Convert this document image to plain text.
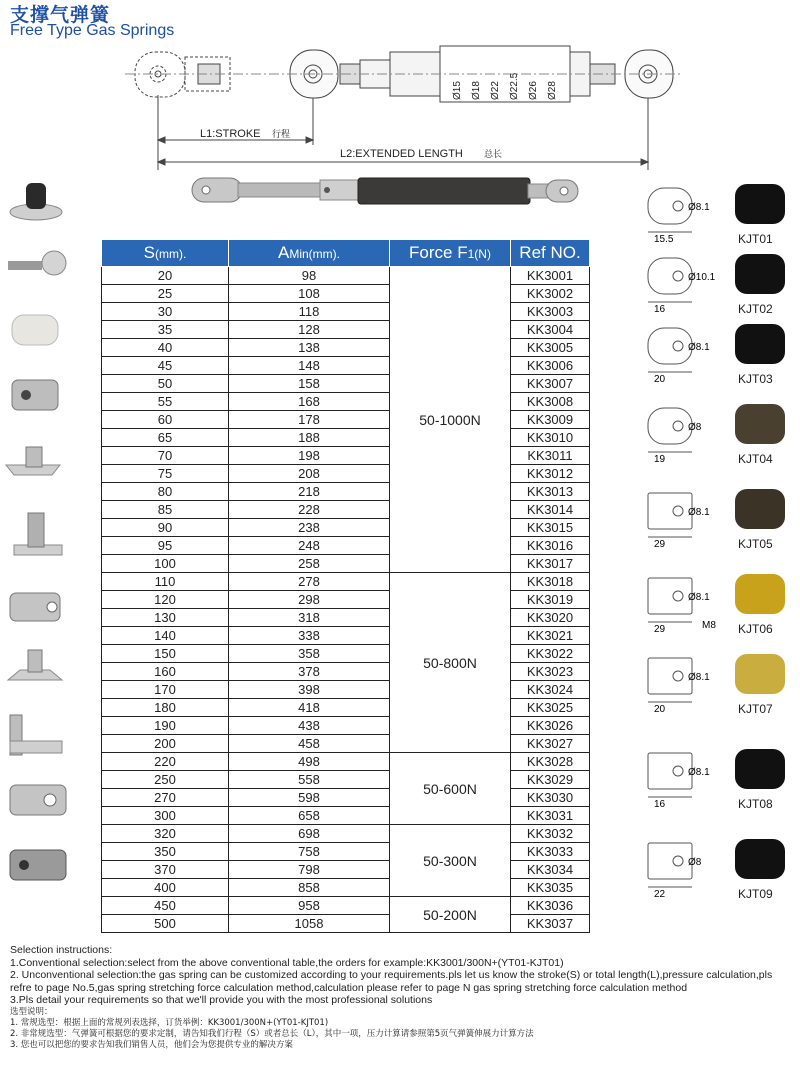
支撑气弹簧
Free Type Gas Springs
Ø15 Ø18 Ø22 Ø22.5 Ø26 Ø28
L1:STROKE 行程
L2:EXTENDED LENGTH 总长
S(mm).	AMin(mm).	Force F1(N)	Ref NO.
20	98	50-1000N	KK3001
25	108		KK3002
30	118		KK3003
35	128		KK3004
40	138		KK3005
45	148		KK3006
50	158		KK3007
55	168		KK3008
60	178		KK3009
65	188		KK3010
70	198		KK3011
75	208		KK3012
80	218		KK3013
85	228		KK3014
90	238		KK3015
95	248		KK3016
100	258		KK3017
110	278	50-800N	KK3018
120	298		KK3019
130	318		KK3020
140	338		KK3021
150	358		KK3022
160	378		KK3023
170	398		KK3024
180	418		KK3025
190	438		KK3026
200	458		KK3027
220	498	50-600N	KK3028
250	558		KK3029
270	598		KK3030
300	658		KK3031
320	698	50-300N	KK3032
350	758		KK3033
370	798		KK3034
400	858		KK3035
450	958	50-200N	KK3036
500	1058		KK3037
15.5
Ø8.1
16
Ø10.1
20
Ø8.1
19
Ø8
29
Ø8.1
29
Ø8.1
M8
20
Ø8.1
16
Ø8.1
22
Ø8
KJT01
KJT02
KJT03
KJT04
KJT05
KJT06
KJT07
KJT08
KJT09
Selection instructions:
1.Conventional selection:select from the above conventional table,the orders for example:KK3001/300N+(YT01-KJT01)
2. Unconventional selection:the gas spring can be customized according to your requirements.pls let us know the stroke(S) or total length(L),pressure calculation,pls refre to page No.5,gas spring stretching force calculation method,calculation please refer to page N gas spring stretching force calculation method
3.Pls detail your requirements so that we'll provide you with the most professional solutions
选型说明：
1. 常规选型：根据上面的常规列表选择，订货举例：KK3001/300N+(YT01-KJT01)
2. 非常规选型：气弹簧可根据您的要求定制，请告知我们行程（S）或者总长（L），其中一项，压力计算请参照第5页气弹簧伸展力计算方法
3. 您也可以把您的要求告知我们销售人员，他们会为您提供专业的解决方案
